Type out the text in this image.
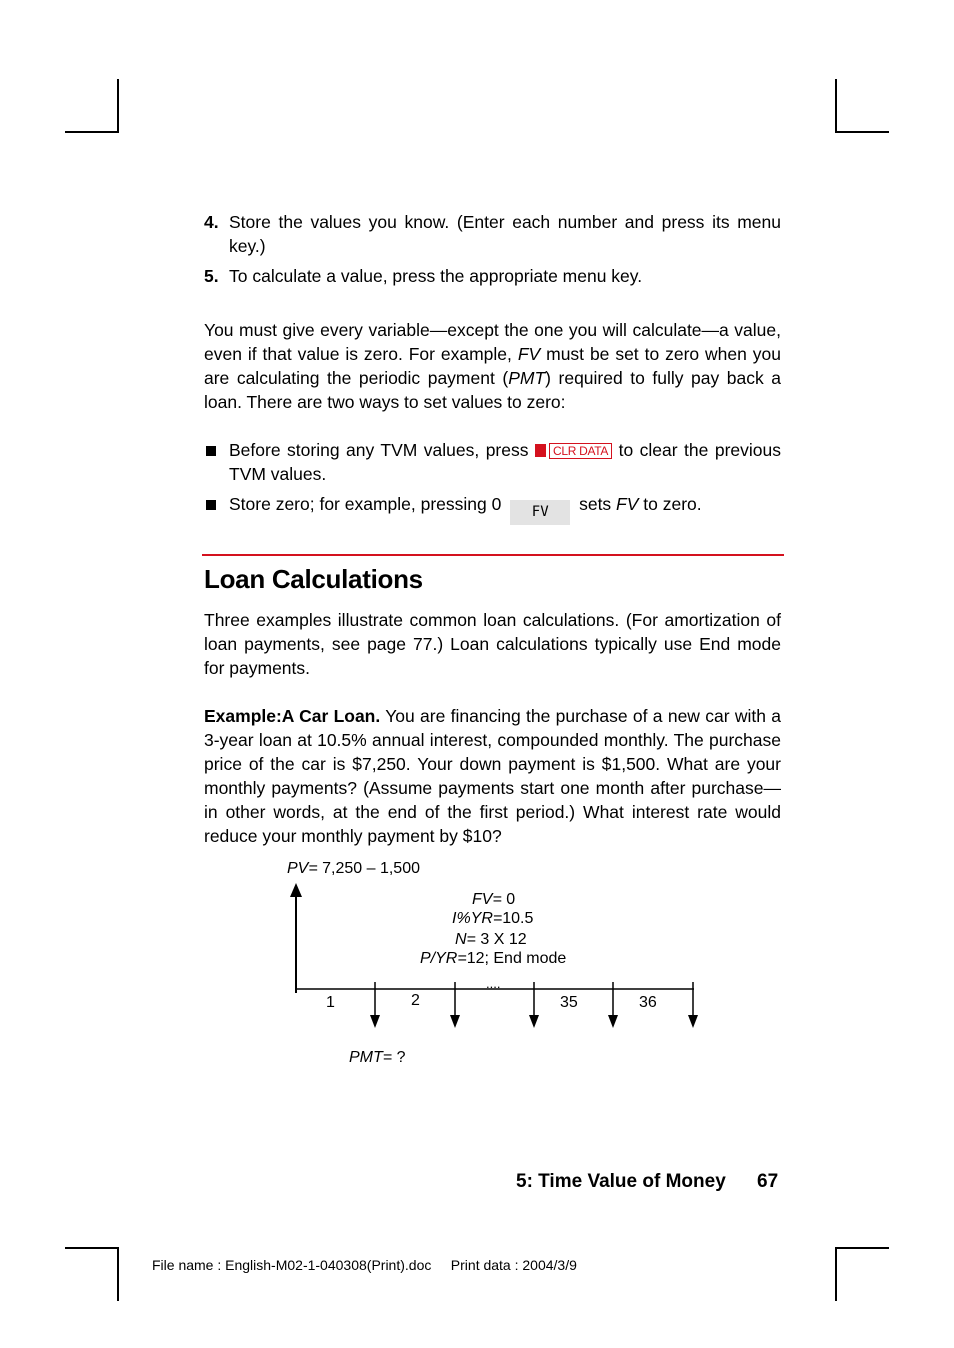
4. Store the values you know. (Enter each number and press its menu key.)
5. To calculate a value, press the appropriate menu key.
You must give every variable—except the one you will calculate—a value, even if that value is zero. For example, FV must be set to zero when you are calculating the periodic payment (PMT) required to fully pay back a loan. There are two ways to set values to zero:
Before storing any TVM values, press CLR DATA to clear the previous TVM values.
Store zero; for example, pressing 0 FV sets FV to zero.
Loan Calculations
Three examples illustrate common loan calculations. (For amortization of loan payments, see page 77.) Loan calculations typically use End mode for payments.
Example:A Car Loan. You are financing the purchase of a new car with a 3-year loan at 10.5% annual interest, compounded monthly. The purchase price of the car is $7,250. Your down payment is $1,500. What are your monthly payments? (Assume payments start one month after purchase—in other words, at the end of the first period.) What interest rate would reduce your monthly payment by $10?
PV= 7,250 – 1,500
FV= 0
I%YR=10.5
N= 3 X 12
P/YR=12; End mode
....
1	2	35	36
PMT= ?
5: Time Value of Money 67
File name : English-M02-1-040308(Print).doc     Print data : 2004/3/9
